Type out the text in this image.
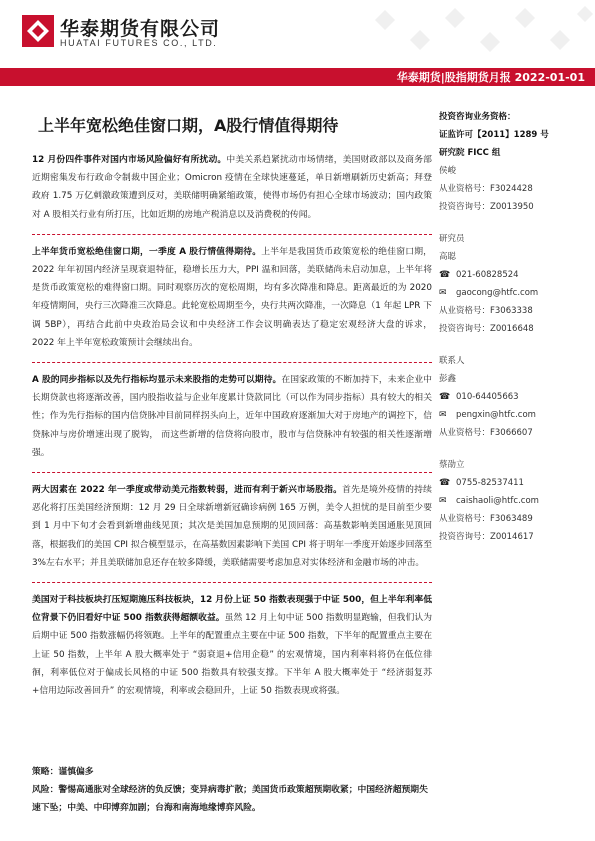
华泰期货有限公司
HUATAI FUTURES CO., LTD.
华泰期货|股指期货月报 2022-01-01
上半年宽松绝佳窗口期，A股行情值得期待

12 月份四件事件对国内市场风险偏好有所扰动。中美关系趋紧扰动市场情绪，美国财政部以及商务部近期密集发布行政命令制裁中国企业；Omicron 疫情在全球快速蔓延，单日新增刷新历史新高；拜登政府 1.75 万亿刺激政策遭到反对，美联储明确紧缩政策，使得市场仍有担心全球市场波动；国内政策对 A 股相关行业有所打压，比如近期的房地产税消息以及消费税的传闻。

上半年货币宽松绝佳窗口期，一季度 A 股行情值得期待。上半年是我国货币政策宽松的绝佳窗口期，2022 年年初国内经济呈现衰退特征，稳增长压力大，PPI 温和回落，美联储尚未启动加息，上半年将是货币政策宽松的难得窗口期。同时观察历次的宽松周期，均有多次降准和降息。距离最近的为 2020 年疫情期间，央行三次降准三次降息。此轮宽松周期至今，央行共两次降准，一次降息（1 年起 LPR 下调 5BP），再结合此前中央政治局会议和中央经济工作会议明确表达了稳定宏观经济大盘的诉求， 2022 年上半年宽松政策预计会继续出台。

A 股的同步指标以及先行指标均显示未来股指的走势可以期待。在国家政策的不断加持下，未来企业中长期贷款也将逐渐改善，国内股指收益与企业年度累计贷款同比（可以作为同步指标）具有较大的相关性；作为先行指标的国内信贷脉冲目前同样拐头向上，近年中国政府逐渐加大对于房地产的调控下，信贷脉冲与房价增速出现了脱钩， 而这些新增的信贷将向股市，股市与信贷脉冲有较强的相关性逐渐增强。

两大因素在 2022 年一季度或带动美元指数转弱，进而有利于新兴市场股指。首先是境外疫情的持续恶化将打压美国经济预期：12 月 29 日全球新增新冠确诊病例 165 万例，美令人担忧的是目前至少要到 1 月中下旬才会看到新增曲线见顶；其次是美国加息预期的见顶回落：高基数影响美国通胀见顶回落，根据我们的美国 CPI 拟合模型显示，在高基数因素影响下美国 CPI 将于明年一季度开始逐步回落至 3%左右水平；并且美联储加息还存在较多降缓，美联储需要考虑加息对实体经济和金融市场的冲击。

美国对于科技板块打压短期施压科技板块，12 月份上证 50 指数表现强于中证 500，但上半年利率低位背景下仍旧看好中证 500 指数获得超额收益。虽然 12 月上旬中证 500 指数明显跑输，但我们认为后期中证 500 指数涨幅仍将领跑。上半年的配置重点主要在中证 500 指数，下半年的配置重点主要在上证 50 指数，上半年 A 股大概率处于 “弱衰退+信用企稳” 的宏观情境，国内利率料将仍在低位徘徊，利率低位对于偏成长风格的中证 500 指数具有较强支撑。下半年 A 股大概率处于 “经济弱复苏+信用边际改善回升” 的宏观情境，利率或会稳回升，上证 50 指数表现或将强。

策略：谨慎偏多
风险：警惕高通胀对全球经济的负反馈；变异病毒扩散；美国货币政策超预期收紧；中国经济超预期失速下坠；中美、中印博弈加剧；台海和南海地缘博弈风险。
投资咨询业务资格：
证监许可【2011】1289 号
研究院 FICC 组
侯峻
从业资格号：F3024428
投资咨询号：Z0013950
研究员
高聪
☎ 021-60828524
✉	gaocong@htfc.com
从业资格号：F3063338
投资咨询号：Z0016648
联系人
彭鑫
☎ 010-64405663
✉	pengxin@htfc.com
从业资格号：F3066607
蔡劭立
☎ 0755-82537411
✉	caishaoli@htfc.com
从业资格号：F3063489
投资咨询号：Z0014617
